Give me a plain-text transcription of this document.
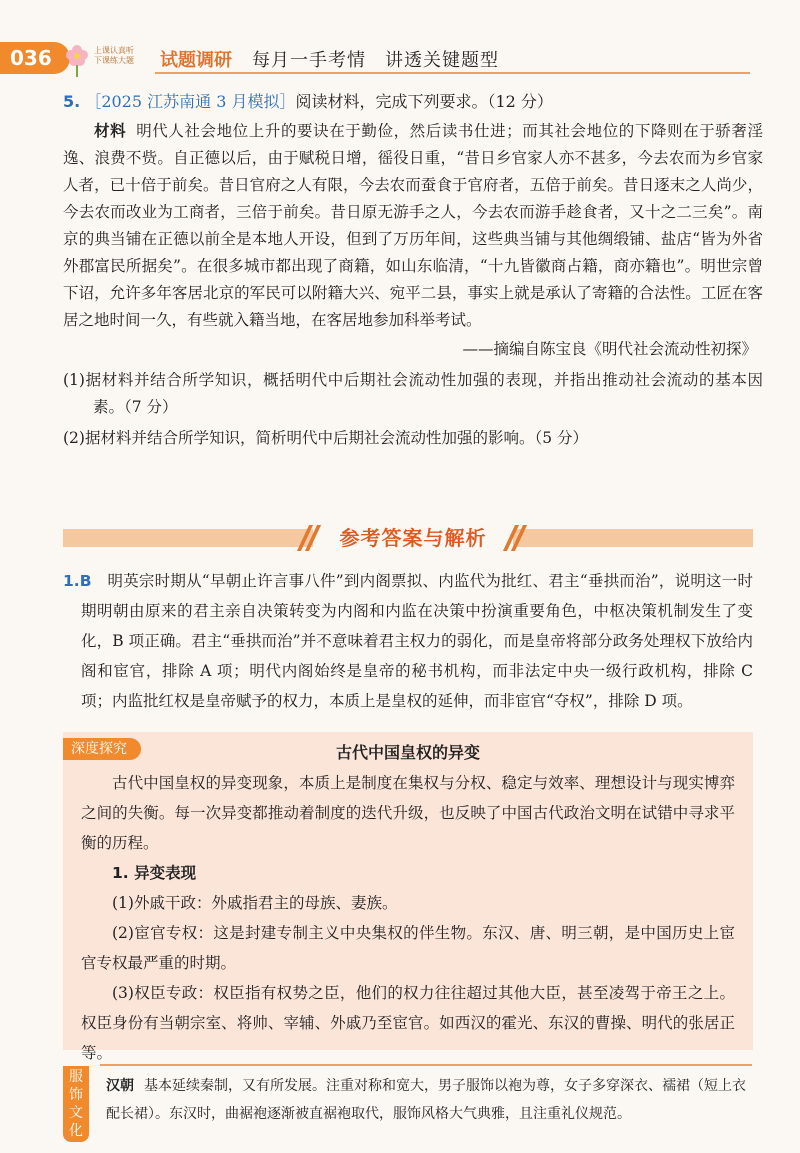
036	上课认真听
下课练大题 试题调研 每月一手考情　讲透关键题型
5. ［2025 江苏南通 3 月模拟］阅读材料，完成下列要求。（12 分）

材料 明代人社会地位上升的要诀在于勤俭，然后读书仕进；而其社会地位的下降则在于骄奢淫逸、浪费不赀。自正德以后，由于赋税日增，徭役日重，“昔日乡官家人亦不甚多，今去农而为乡官家人者，已十倍于前矣。昔日官府之人有限，今去农而蚕食于官府者，五倍于前矣。昔日逐末之人尚少，今去农而改业为工商者，三倍于前矣。昔日原无游手之人，今去农而游手趁食者，又十之二三矣”。南京的典当铺在正德以前全是本地人开设，但到了万历年间，这些典当铺与其他绸缎铺、盐店“皆为外省外郡富民所据矣”。在很多城市都出现了商籍，如山东临清，“十九皆徽商占籍，商亦籍也”。明世宗曾下诏，允许多年客居北京的军民可以附籍大兴、宛平二县，事实上就是承认了寄籍的合法性。工匠在客居之地时间一久，有些就入籍当地，在客居地参加科举考试。

——摘编自陈宝良《明代社会流动性初探》
(1)据材料并结合所学知识，概括明代中后期社会流动性加强的表现，并指出推动社会流动的基本因素。（7 分）
(2)据材料并结合所学知识，简析明代中后期社会流动性加强的影响。（5 分）
参考答案与解析
1.B　 明英宗时期从“早朝止许言事八件”到内阁票拟、内监代为批红、君主“垂拱而治”，说明这一时期明朝由原来的君主亲自决策转变为内阁和内监在决策中扮演重要角色，中枢决策机制发生了变化，B 项正确。君主“垂拱而治”并不意味着君主权力的弱化，而是皇帝将部分政务处理权下放给内阁和宦官，排除 A 项；明代内阁始终是皇帝的秘书机构，而非法定中央一级行政机构，排除 C 项；内监批红权是皇帝赋予的权力，本质上是皇权的延伸，而非宦官“夺权”，排除 D 项。
深度探究	古代中国皇权的异变

古代中国皇权的异变现象，本质上是制度在集权与分权、稳定与效率、理想设计与现实博弈之间的失衡。每一次异变都推动着制度的迭代升级，也反映了中国古代政治文明在试错中寻求平衡的历程。

1. 异变表现

(1)外戚干政：外戚指君主的母族、妻族。

(2)宦官专权：这是封建专制主义中央集权的伴生物。东汉、唐、明三朝，是中国历史上宦官专权最严重的时期。

(3)权臣专政：权臣指有权势之臣，他们的权力往往超过其他大臣，甚至凌驾于帝王之上。权臣身份有当朝宗室、将帅、宰辅、外戚乃至宦官。如西汉的霍光、东汉的曹操、明代的张居正等。

服饰文化
汉朝 基本延续秦制，又有所发展。注重对称和宽大，男子服饰以袍为尊，女子多穿深衣、襦裙（短上衣配长裙）。东汉时，曲裾袍逐渐被直裾袍取代，服饰风格大气典雅，且注重礼仪规范。
